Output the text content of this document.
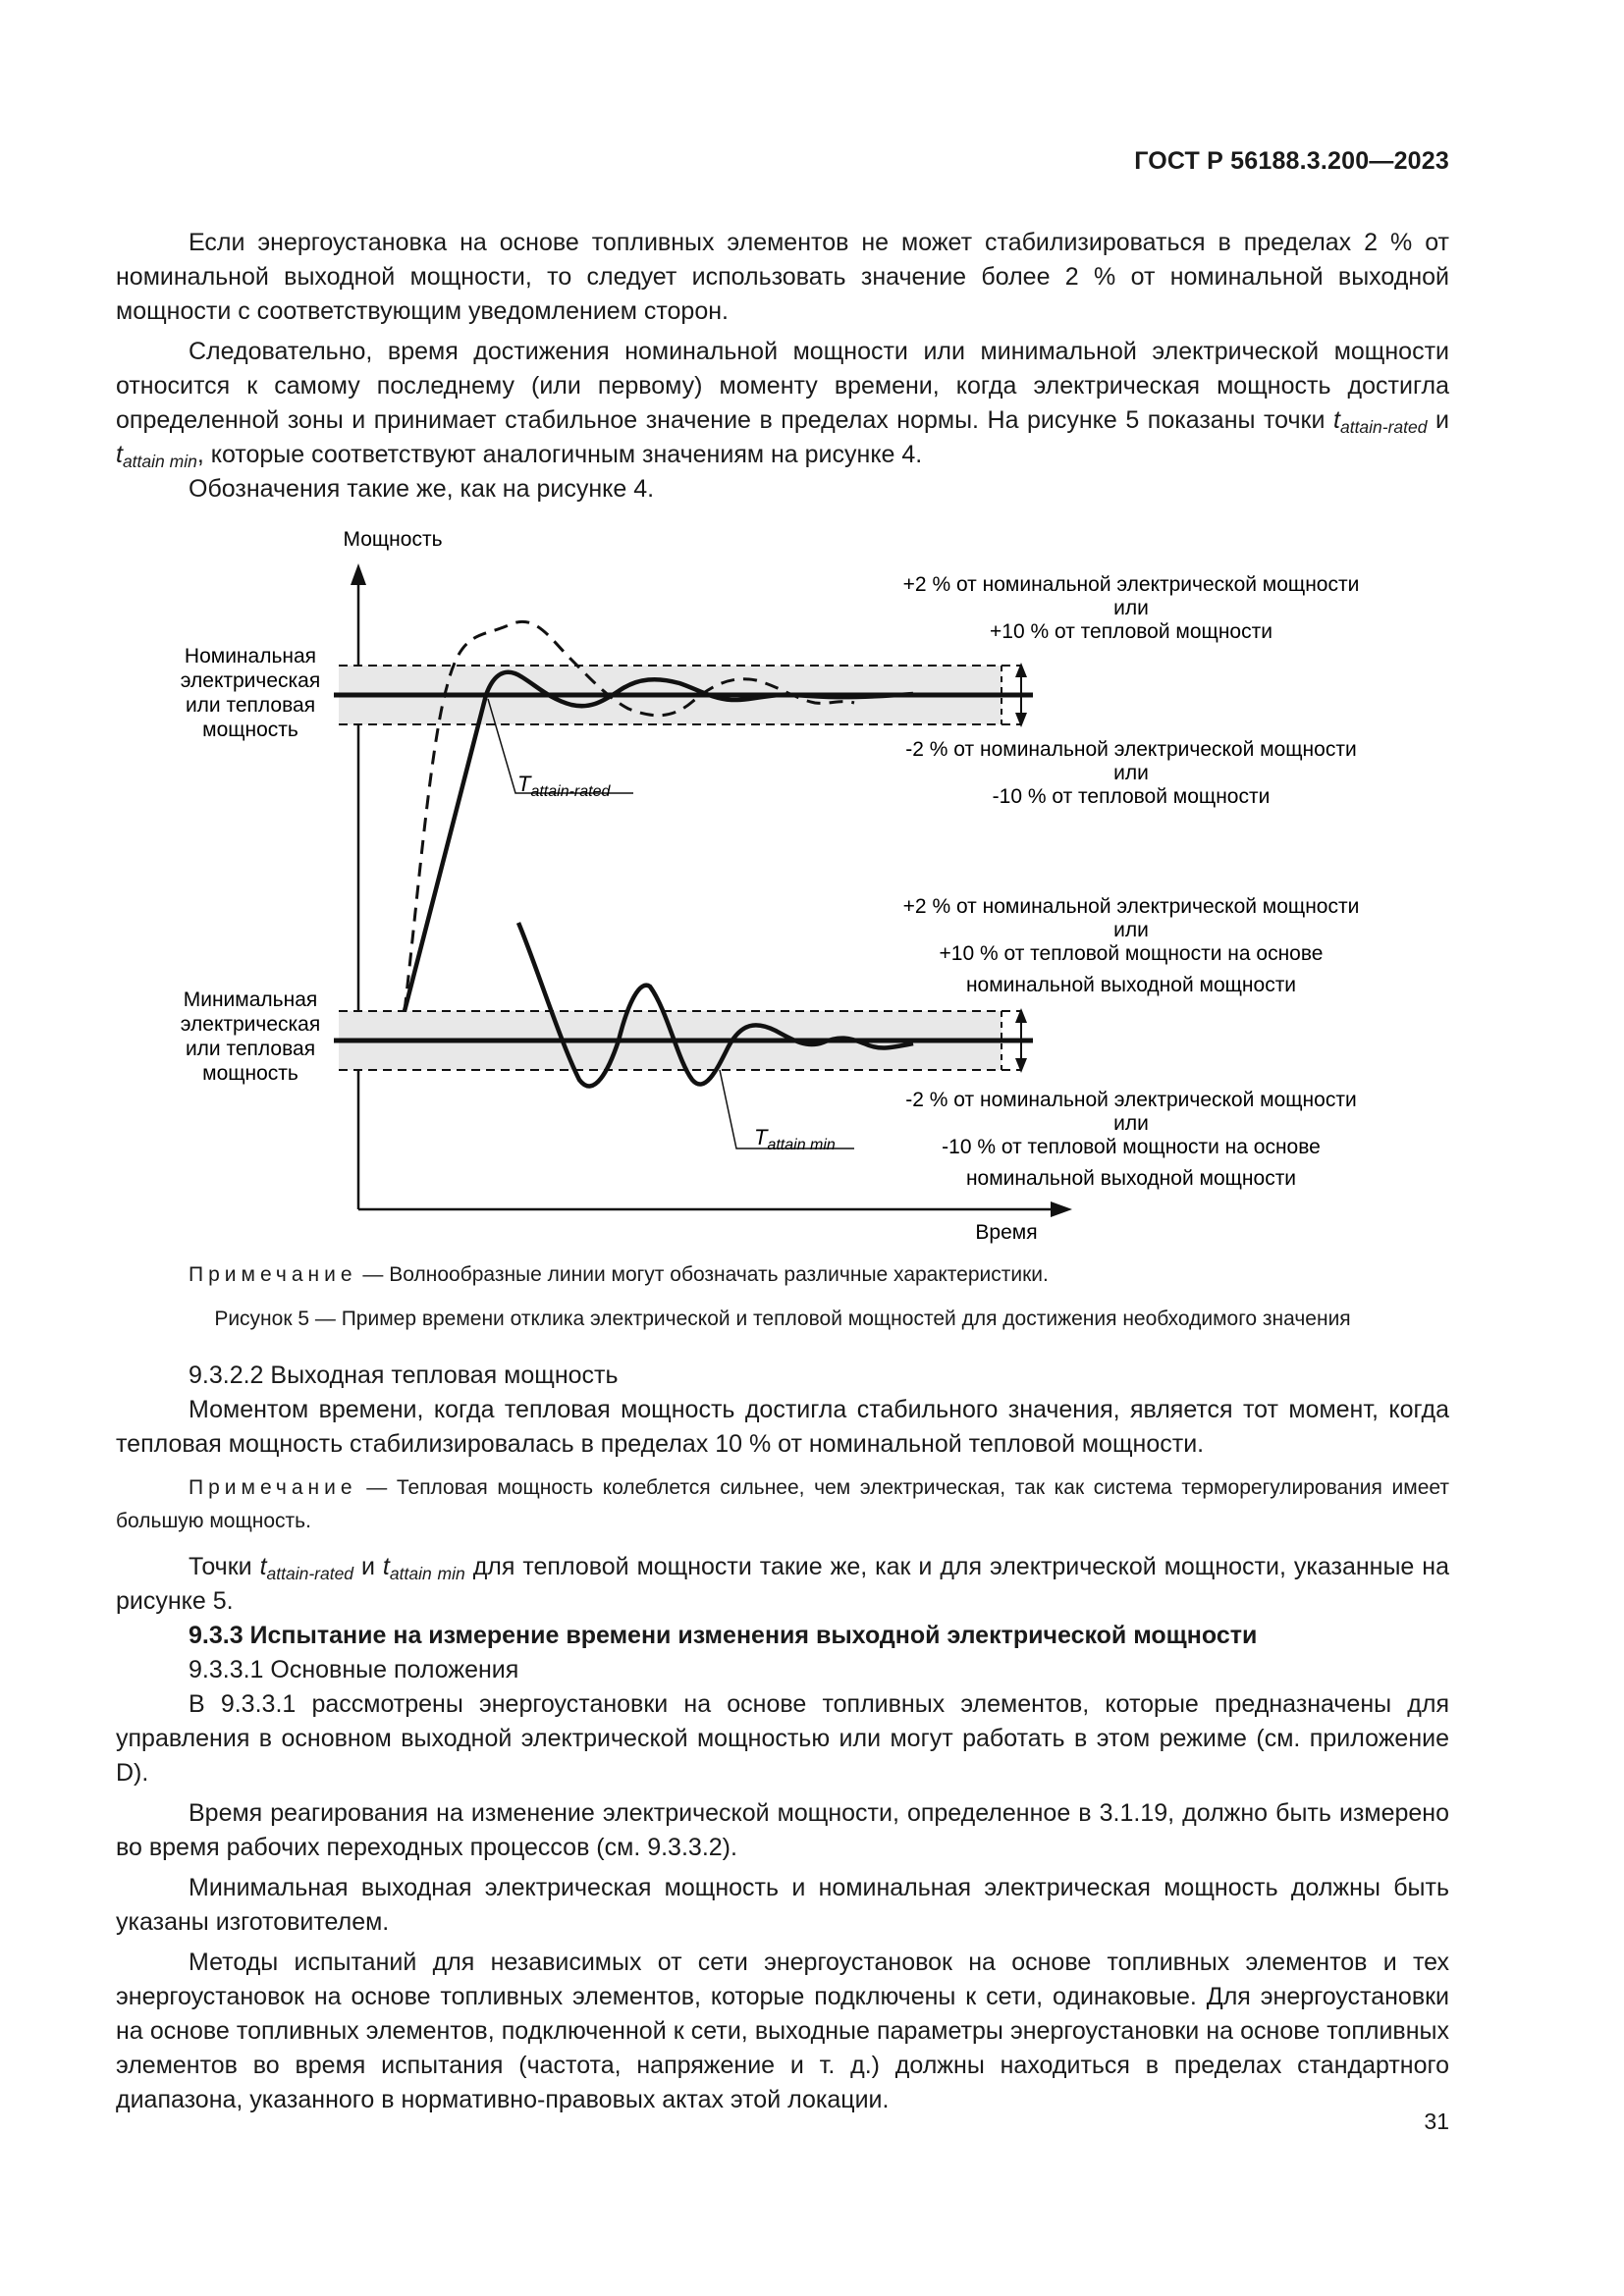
ГОСТ Р 56188.3.200—2023

Если энергоустановка на основе топливных элементов не может стабилизироваться в пределах 2 % от номинальной выходной мощности, то следует использовать значение более 2 % от номинальной выходной мощности с соответствующим уведомлением сторон.

Следовательно, время достижения номинальной мощности или минимальной электрической мощности относится к самому последнему (или первому) моменту времени, когда электрическая мощность достигла определенной зоны и принимает стабильное значение в пределах нормы. На рисунке 5 показаны точки $t_{attain-rated}$ и $t_{attain min}$, которые соответствуют аналогичным значениям на рисунке 4.

Обозначения такие же, как на рисунке 4.

Мощность
Время
$T_{attain-rated}$
$T_{attain min}$
Номинальная
электрическая
или тепловая
мощность
Минимальная
электрическая
или тепловая
мощность
+2 % от номинальной электрической мощности
или
+10 % от тепловой мощности
-2 % от номинальной электрической мощности
или
-10 % от тепловой мощности
+2 % от номинальной электрической мощности
или
+10 % от тепловой мощности на основе
номинальной выходной мощности
-2 % от номинальной электрической мощности
или
-10 % от тепловой мощности на основе
номинальной выходной мощности

Примечание — Волнообразные линии могут обозначать различные характеристики.

Рисунок 5 — Пример времени отклика электрической и тепловой мощностей для достижения необходимого значения

9.3.2.2 Выходная тепловая мощность

Моментом времени, когда тепловая мощность достигла стабильного значения, является тот момент, когда тепловая мощность стабилизировалась в пределах 10 % от номинальной тепловой мощности.

Примечание — Тепловая мощность колеблется сильнее, чем электрическая, так как система терморегулирования имеет большую мощность.

Точки $t_{attain-rated}$ и $t_{attain min}$ для тепловой мощности такие же, как и для электрической мощности, указанные на рисунке 5.

9.3.3 Испытание на измерение времени изменения выходной электрической мощности

9.3.3.1 Основные положения

В 9.3.3.1 рассмотрены энергоустановки на основе топливных элементов, которые предназначены для управления в основном выходной электрической мощностью или могут работать в этом режиме (см. приложение D).

Время реагирования на изменение электрической мощности, определенное в 3.1.19, должно быть измерено во время рабочих переходных процессов (см. 9.3.3.2).

Минимальная выходная электрическая мощность и номинальная электрическая мощность должны быть указаны изготовителем.

Методы испытаний для независимых от сети энергоустановок на основе топливных элементов и тех энергоустановок на основе топливных элементов, которые подключены к сети, одинаковые. Для энергоустановки на основе топливных элементов, подключенной к сети, выходные параметры энергоустановки на основе топливных элементов во время испытания (частота, напряжение и т. д.) должны находиться в пределах стандартного диапазона, указанного в нормативно-правовых актах этой локации.

31
